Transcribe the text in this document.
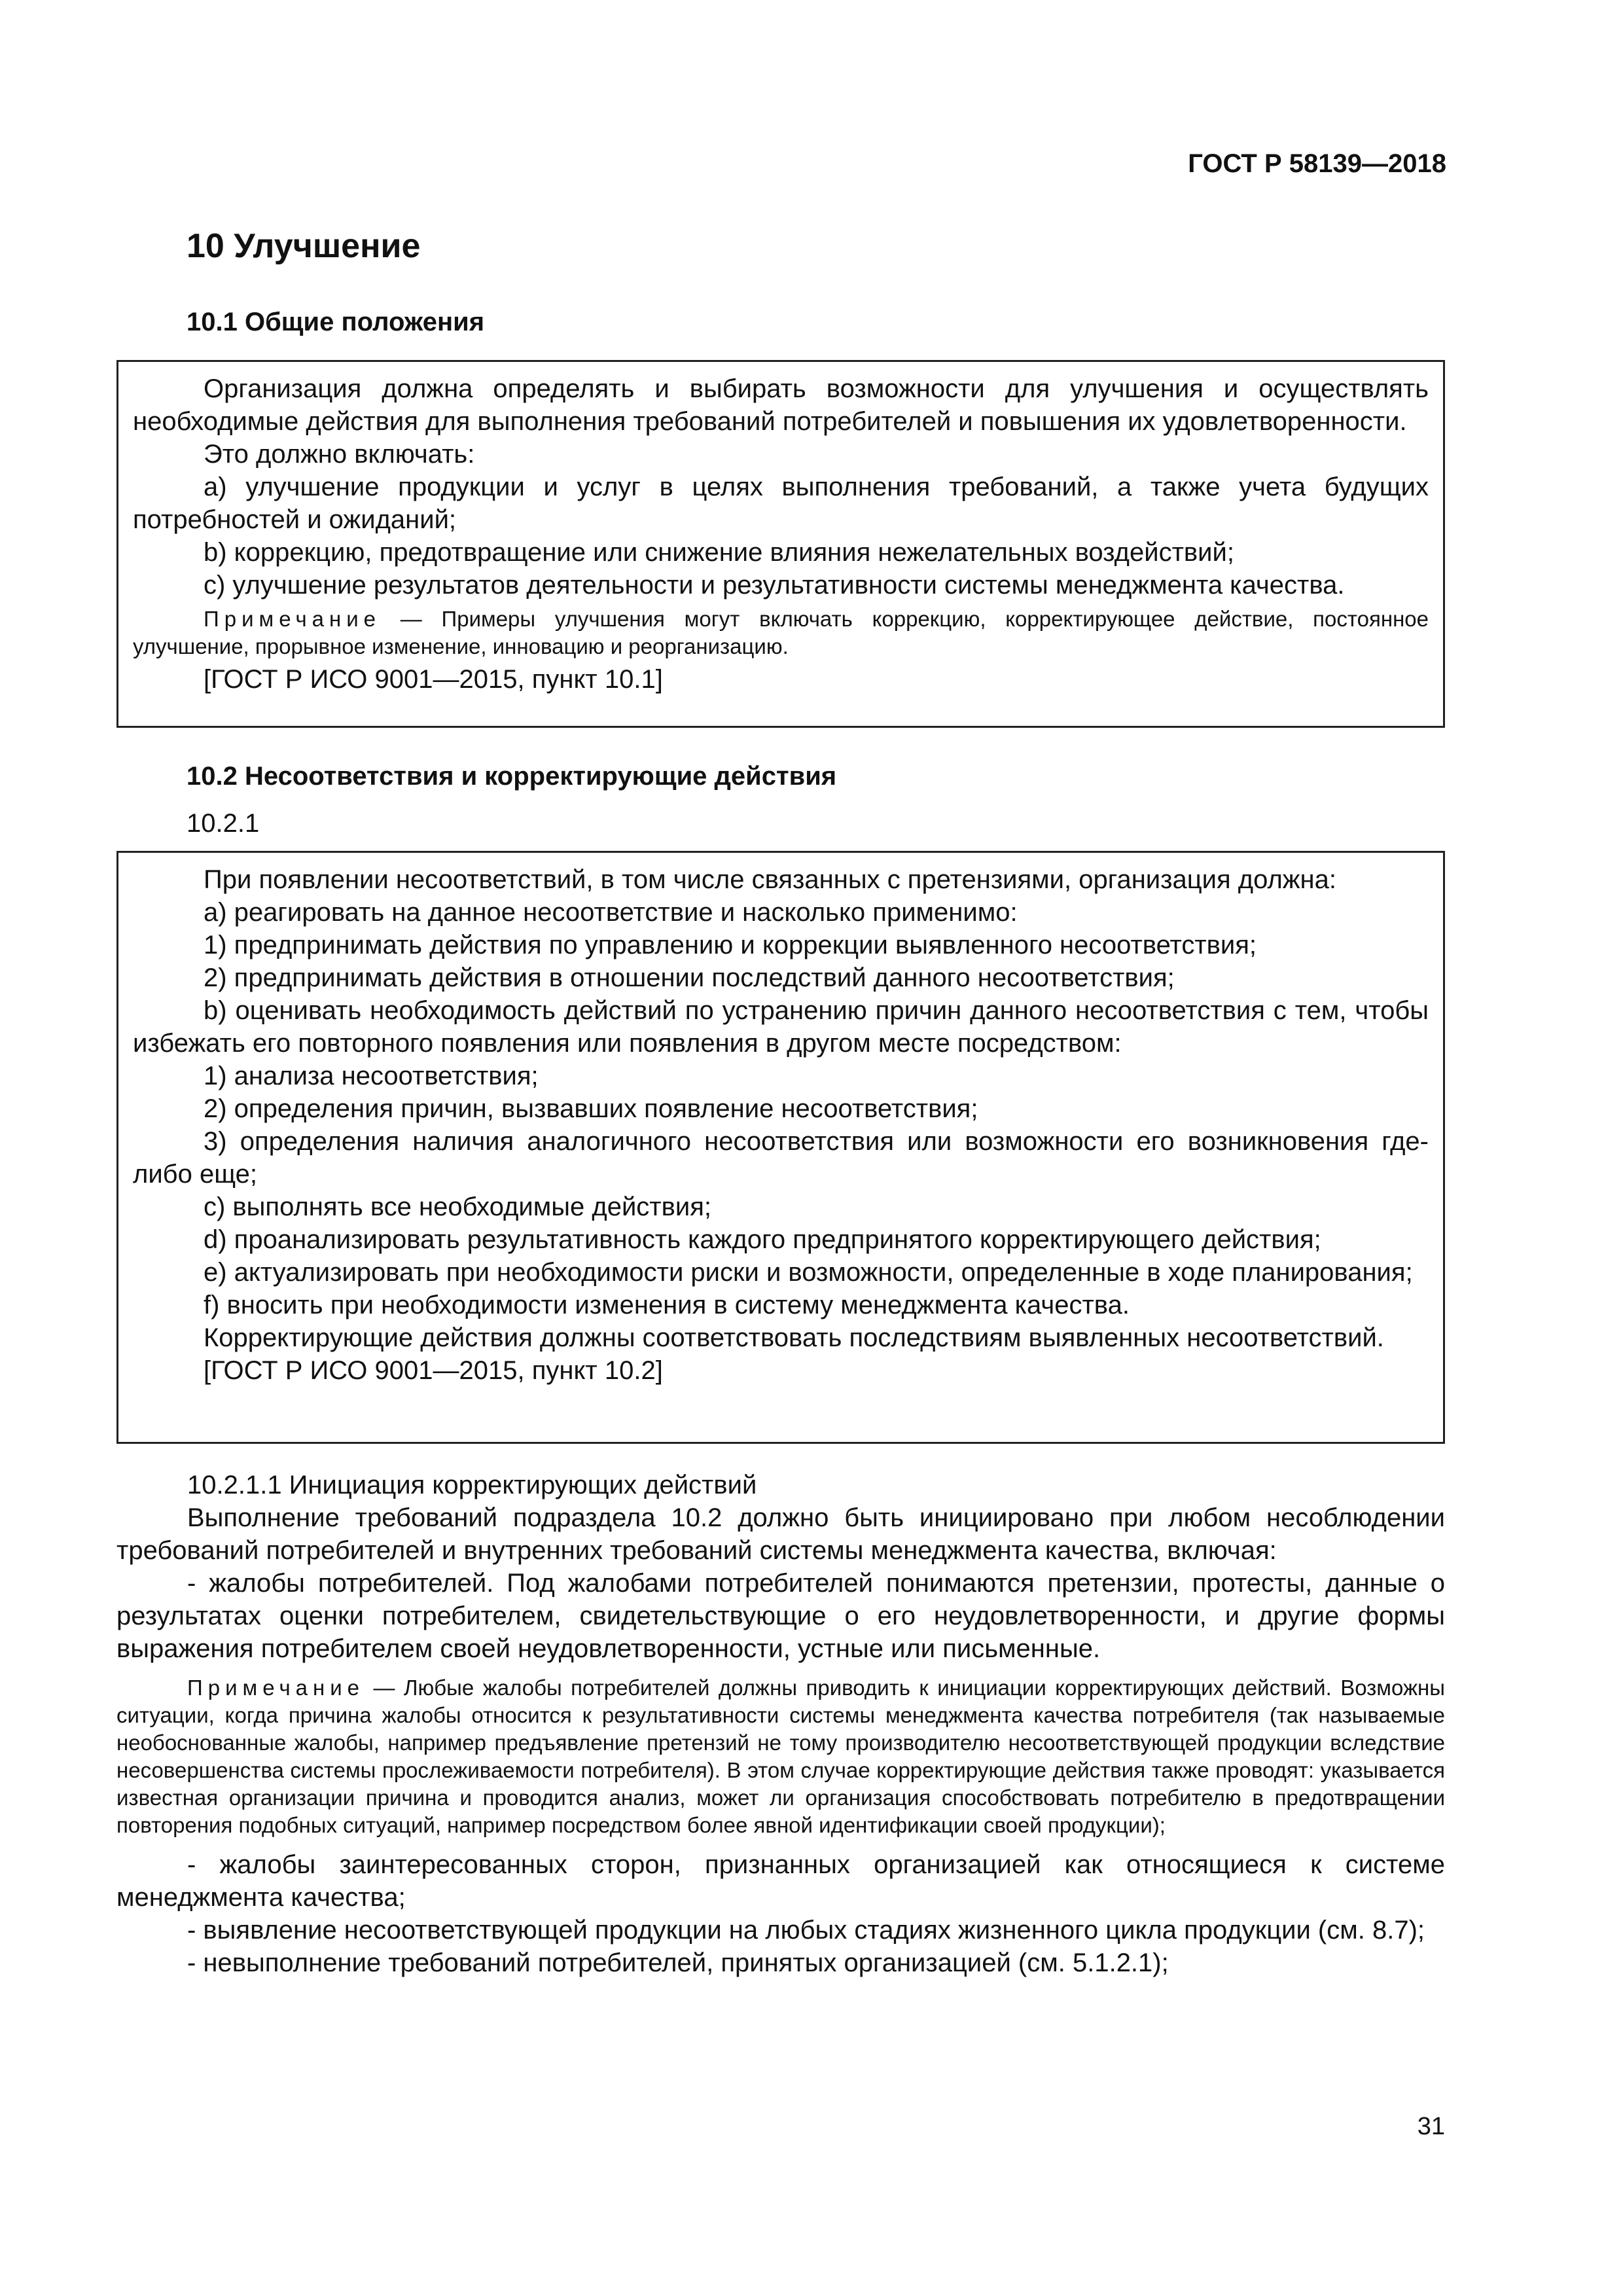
ГОСТ Р 58139—2018
10 Улучшение
10.1 Общие положения

Организация должна определять и выбирать возможности для улучшения и осуществлять необходимые действия для выполнения требований потребителей и повышения их удовлетворенности.

Это должно включать:

а) улучшение продукции и услуг в целях выполнения требований, а также учета будущих потребностей и ожиданий;

b) коррекцию, предотвращение или снижение влияния нежелательных воздействий;

с) улучшение результатов деятельности и результативности системы менеджмента качества.

Примечание — Примеры улучшения могут включать коррекцию, корректирующее действие, постоянное улучшение, прорывное изменение, инновацию и реорганизацию.

[ГОСТ Р ИСО 9001—2015, пункт 10.1]

10.2 Несоответствия и корректирующие действия
10.2.1

При появлении несоответствий, в том числе связанных с претензиями, организация должна:

а) реагировать на данное несоответствие и насколько применимо:

1) предпринимать действия по управлению и коррекции выявленного несоответствия;

2) предпринимать действия в отношении последствий данного несоответствия;

b) оценивать необходимость действий по устранению причин данного несоответствия с тем, чтобы избежать его повторного появления или появления в другом месте посредством:

1) анализа несоответствия;

2) определения причин, вызвавших появление несоответствия;

3) определения наличия аналогичного несоответствия или возможности его возникновения где-либо еще;

с) выполнять все необходимые действия;

d) проанализировать результативность каждого предпринятого корректирующего действия;

е) актуализировать при необходимости риски и возможности, определенные в ходе планирования;

f) вносить при необходимости изменения в систему менеджмента качества.

Корректирующие действия должны соответствовать последствиям выявленных несоответствий.

[ГОСТ Р ИСО 9001—2015, пункт 10.2]

10.2.1.1 Инициация корректирующих действий

Выполнение требований подраздела 10.2 должно быть инициировано при любом несоблюдении требований потребителей и внутренних требований системы менеджмента качества, включая:

- жалобы потребителей. Под жалобами потребителей понимаются претензии, протесты, данные о результатах оценки потребителем, свидетельствующие о его неудовлетворенности, и другие формы выражения потребителем своей неудовлетворенности, устные или письменные.

Примечание — Любые жалобы потребителей должны приводить к инициации корректирующих действий. Возможны ситуации, когда причина жалобы относится к результативности системы менеджмента качества потребителя (так называемые необоснованные жалобы, например предъявление претензий не тому производителю несоответствующей продукции вследствие несовершенства системы прослеживаемости потребителя). В этом случае корректирующие действия также проводят: указывается известная организации причина и проводится анализ, может ли организация способствовать потребителю в предотвращении повторения подобных ситуаций, например посредством более явной идентификации своей продукции);

- жалобы заинтересованных сторон, признанных организацией как относящиеся к системе менеджмента качества;

- выявление несоответствующей продукции на любых стадиях жизненного цикла продукции (см. 8.7);

- невыполнение требований потребителей, принятых организацией (см. 5.1.2.1);

31
